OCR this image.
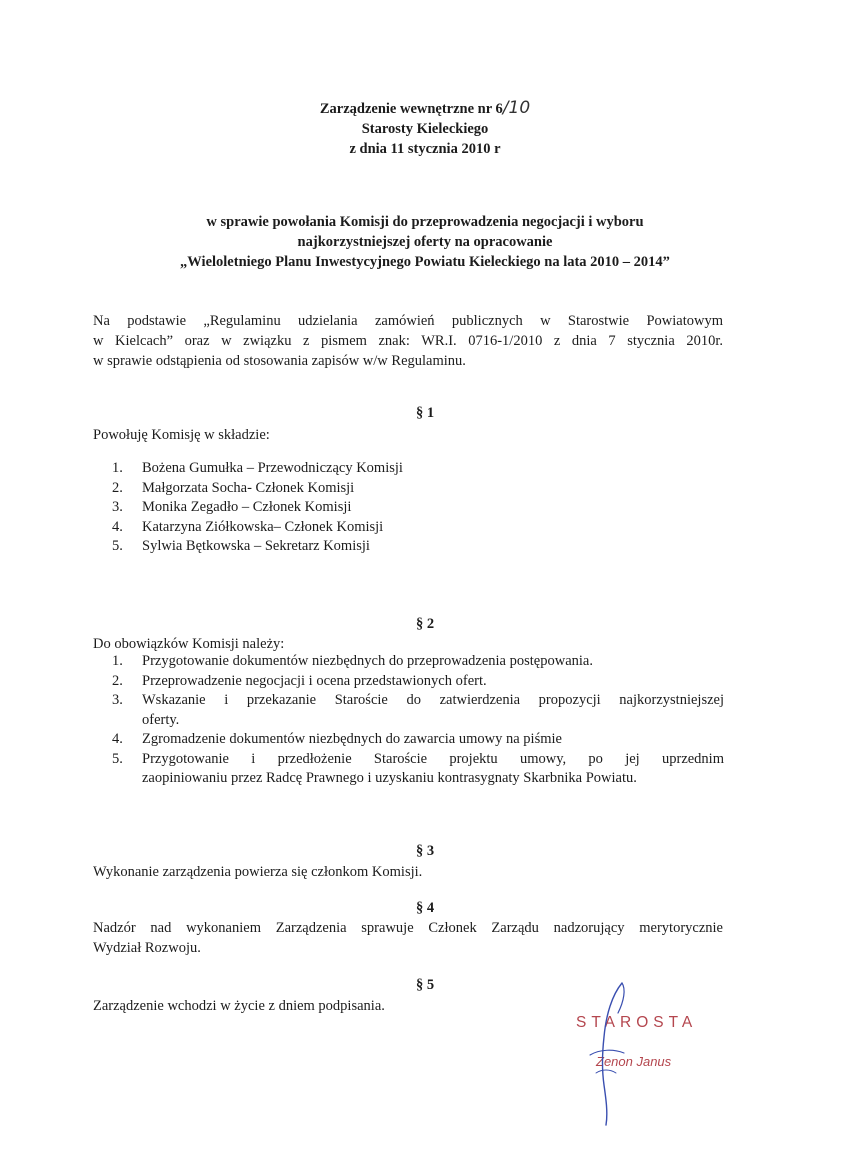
Zarządzenie wewnętrzne nr 6/10
Starosty Kieleckiego
z dnia 11 stycznia 2010 r
w sprawie powołania Komisji do przeprowadzenia negocjacji i wyboru
najkorzystniejszej oferty na opracowanie
„Wieloletniego Planu Inwestycyjnego Powiatu Kieleckiego na lata 2010 – 2014”
Na podstawie „Regulaminu udzielania zamówień publicznych w Starostwie Powiatowym
w Kielcach” oraz w związku z pismem znak: WR.I. 0716-1/2010 z dnia 7 stycznia 2010r.
w sprawie odstąpienia od stosowania zapisów w/w Regulaminu.
§ 1
Powołuję Komisję w składzie:
1.	Bożena Gumułka – Przewodniczący Komisji
2.	Małgorzata Socha- Członek Komisji
3.	Monika Zegadło – Członek Komisji
4.	Katarzyna Ziółkowska– Członek Komisji
5.	Sylwia Bętkowska – Sekretarz Komisji
§ 2
Do obowiązków Komisji należy:
1.	Przygotowanie dokumentów niezbędnych do przeprowadzenia postępowania.
2.	Przeprowadzenie negocjacji i ocena przedstawionych ofert.
3.	Wskazanie i przekazanie Staroście do zatwierdzenia propozycji najkorzystniejszej
oferty.
4.	Zgromadzenie dokumentów niezbędnych do zawarcia umowy na piśmie
5.	Przygotowanie i przedłożenie Staroście projektu umowy, po jej uprzednim
zaopiniowaniu przez Radcę Prawnego i uzyskaniu kontrasygnaty Skarbnika Powiatu.
§ 3
Wykonanie zarządzenia powierza się członkom Komisji.
§ 4
Nadzór nad wykonaniem Zarządzenia sprawuje Członek Zarządu nadzorujący merytorycznie
Wydział Rozwoju.
§ 5
Zarządzenie wchodzi w życie z dniem podpisania.
STAROSTA
Zenon Janus
